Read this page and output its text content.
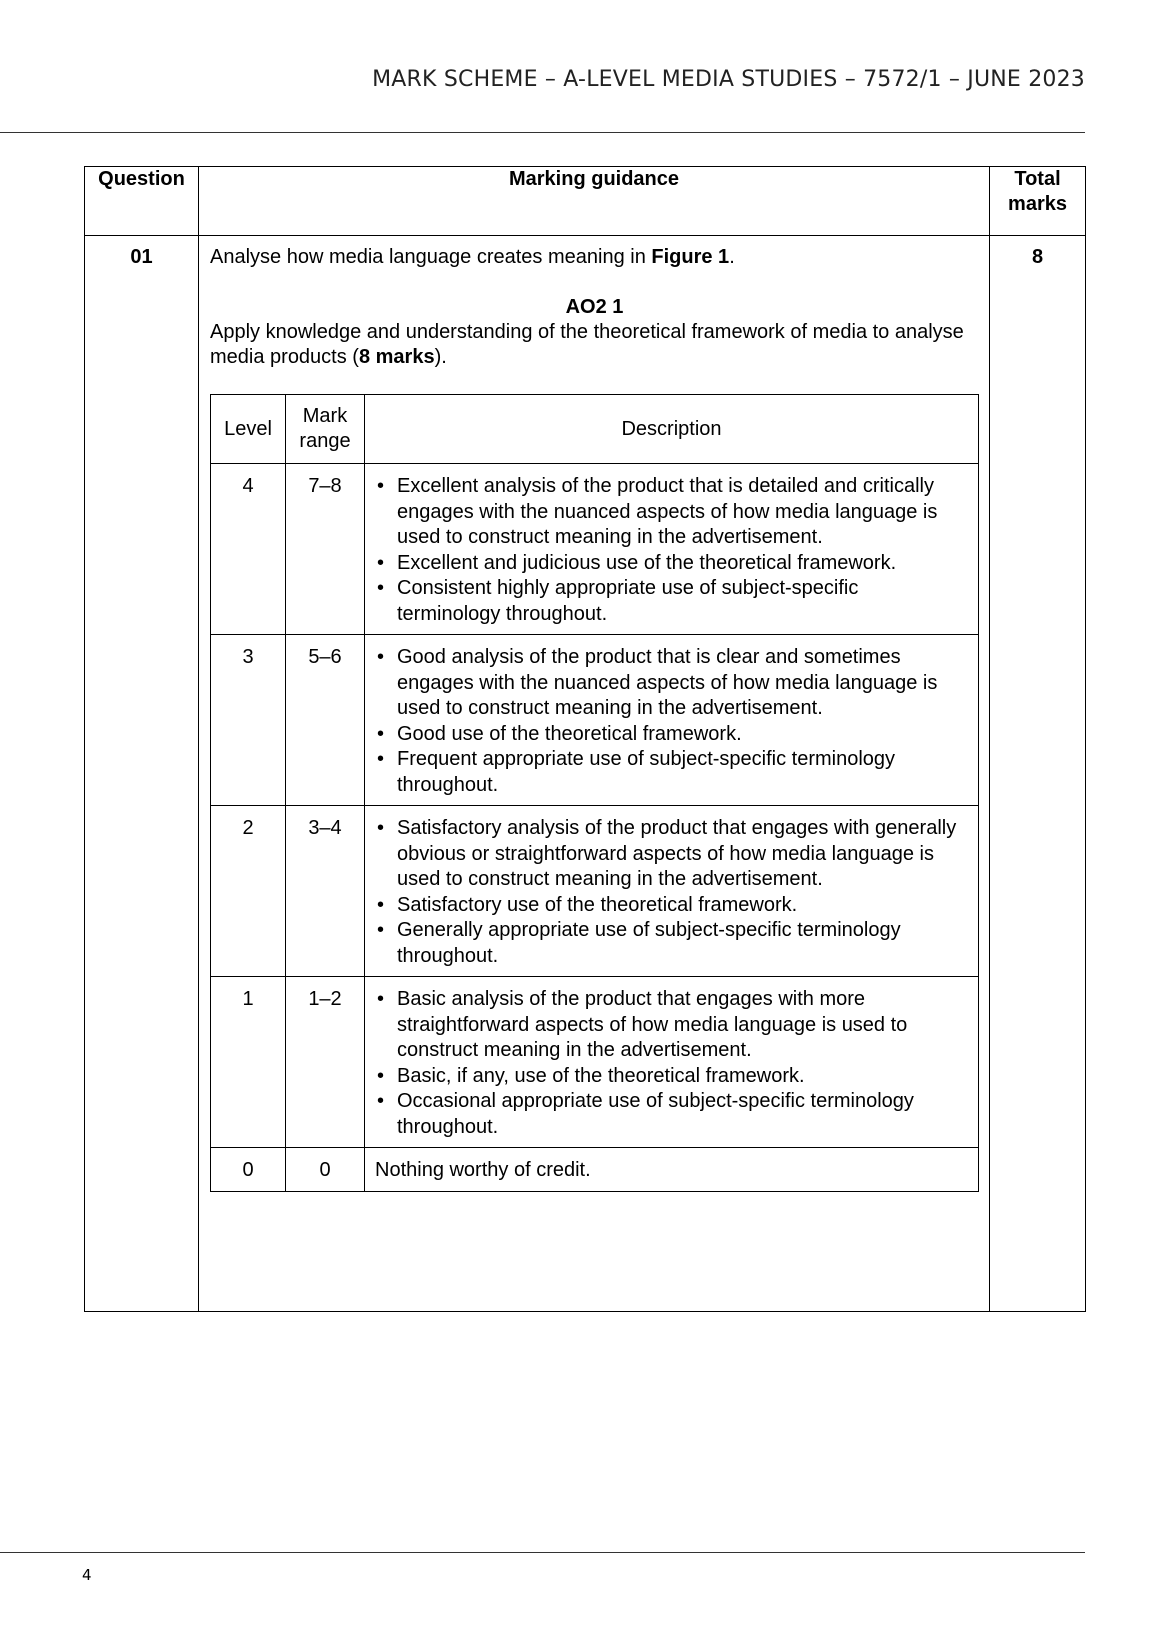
MARK SCHEME – A-LEVEL MEDIA STUDIES – 7572/1 – JUNE 2023
Question	Marking guidance	Total
marks
01	Analyse how media language creates meaning in Figure 1.

AO2 1

Apply knowledge and understanding of the theoretical framework of media to analyse media products (8 marks).

Level	Mark
range	Description
4	7–8	
•Excellent analysis of the product that is detailed and critically engages with the nuanced aspects of how media language is used to construct meaning in the advertisement.
• Excellent and judicious use of the theoretical framework.
• Consistent highly appropriate use of subject-specific terminology throughout.

3	5–6	
•Good analysis of the product that is clear and sometimes engages with the nuanced aspects of how media language is used to construct meaning in the advertisement.
• Good use of the theoretical framework.
• Frequent appropriate use of subject-specific terminology throughout.

2	3–4	
•Satisfactory analysis of the product that engages with generally obvious or straightforward aspects of how media language is used to construct meaning in the advertisement.
• Satisfactory use of the theoretical framework.
• Generally appropriate use of subject-specific terminology throughout.

1	1–2	
•Basic analysis of the product that engages with more straightforward aspects of how media language is used to construct meaning in the advertisement.
• Basic, if any, use of the theoretical framework.
• Occasional appropriate use of subject-specific terminology throughout.

0	0	Nothing worthy of credit.
	8
4
